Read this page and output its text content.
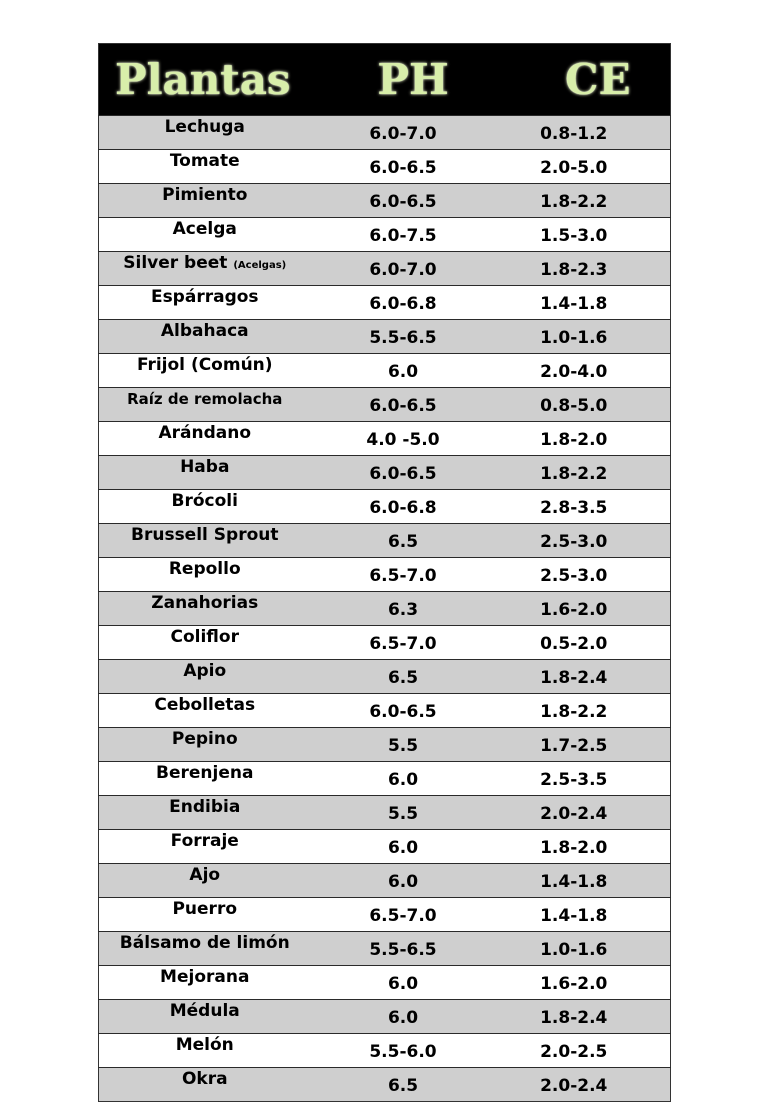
Plantas	PH	CE
Lechuga	6.0-7.0	0.8-1.2
Tomate	6.0-6.5	2.0-5.0
Pimiento	6.0-6.5	1.8-2.2
Acelga	6.0-7.5	1.5-3.0
Silver beet (Acelgas)	6.0-7.0	1.8-2.3
Espárragos	6.0-6.8	1.4-1.8
Albahaca	5.5-6.5	1.0-1.6
Frijol (Común)	6.0	2.0-4.0
Raíz de remolacha	6.0-6.5	0.8-5.0
Arándano	4.0 -5.0	1.8-2.0
Haba	6.0-6.5	1.8-2.2
Brócoli	6.0-6.8	2.8-3.5
Brussell Sprout	6.5	2.5-3.0
Repollo	6.5-7.0	2.5-3.0
Zanahorias	6.3	1.6-2.0
Coliflor	6.5-7.0	0.5-2.0
Apio	6.5	1.8-2.4
Cebolletas	6.0-6.5	1.8-2.2
Pepino	5.5	1.7-2.5
Berenjena	6.0	2.5-3.5
Endibia	5.5	2.0-2.4
Forraje	6.0	1.8-2.0
Ajo	6.0	1.4-1.8
Puerro	6.5-7.0	1.4-1.8
Bálsamo de limón	5.5-6.5	1.0-1.6
Mejorana	6.0	1.6-2.0
Médula	6.0	1.8-2.4
Melón	5.5-6.0	2.0-2.5
Okra	6.5	2.0-2.4
